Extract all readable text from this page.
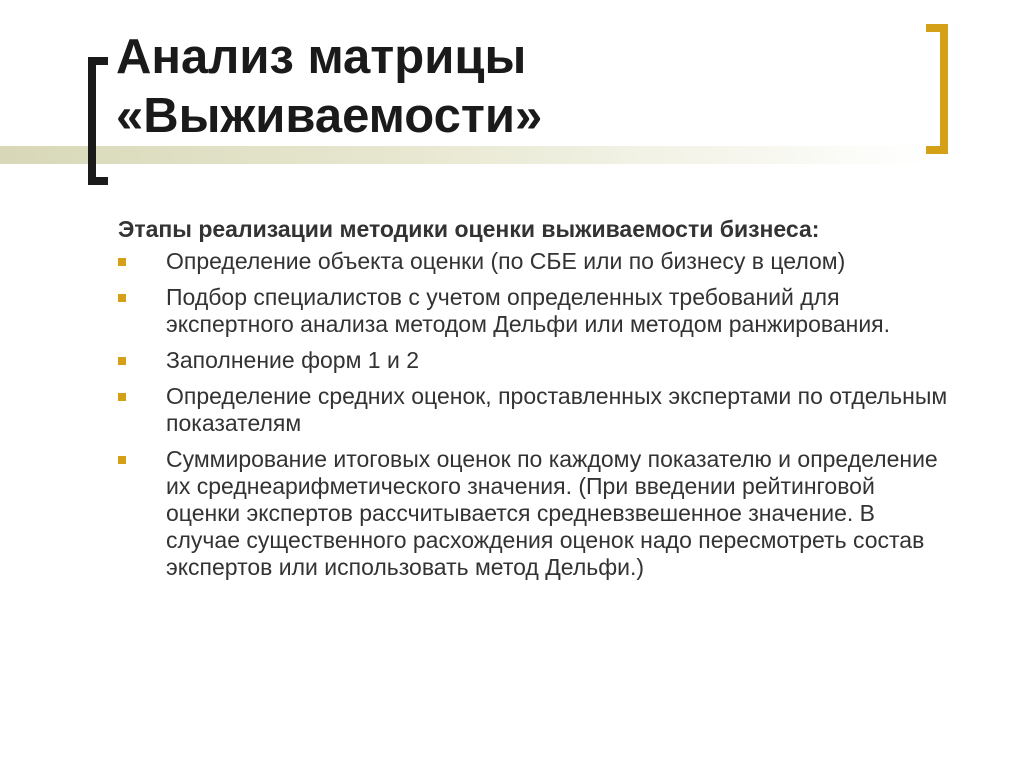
Анализ матрицы
«Выживаемости»

Этапы реализации методики оценки выживаемости бизнеса:

Определение объекта оценки (по СБЕ или по бизнесу в целом)
Подбор специалистов с учетом определенных требований для экспертного анализа методом Дельфи или методом ранжирования.
Заполнение форм 1 и 2
Определение средних оценок, проставленных экспертами по отдельным показателям
Суммирование итоговых оценок по каждому показателю и определение их среднеарифметического значения. (При введении рейтинговой оценки экспертов рассчитывается средневзвешенное значение. В случае существенного расхождения оценок надо пересмотреть состав экспертов или использовать метод Дельфи.)
